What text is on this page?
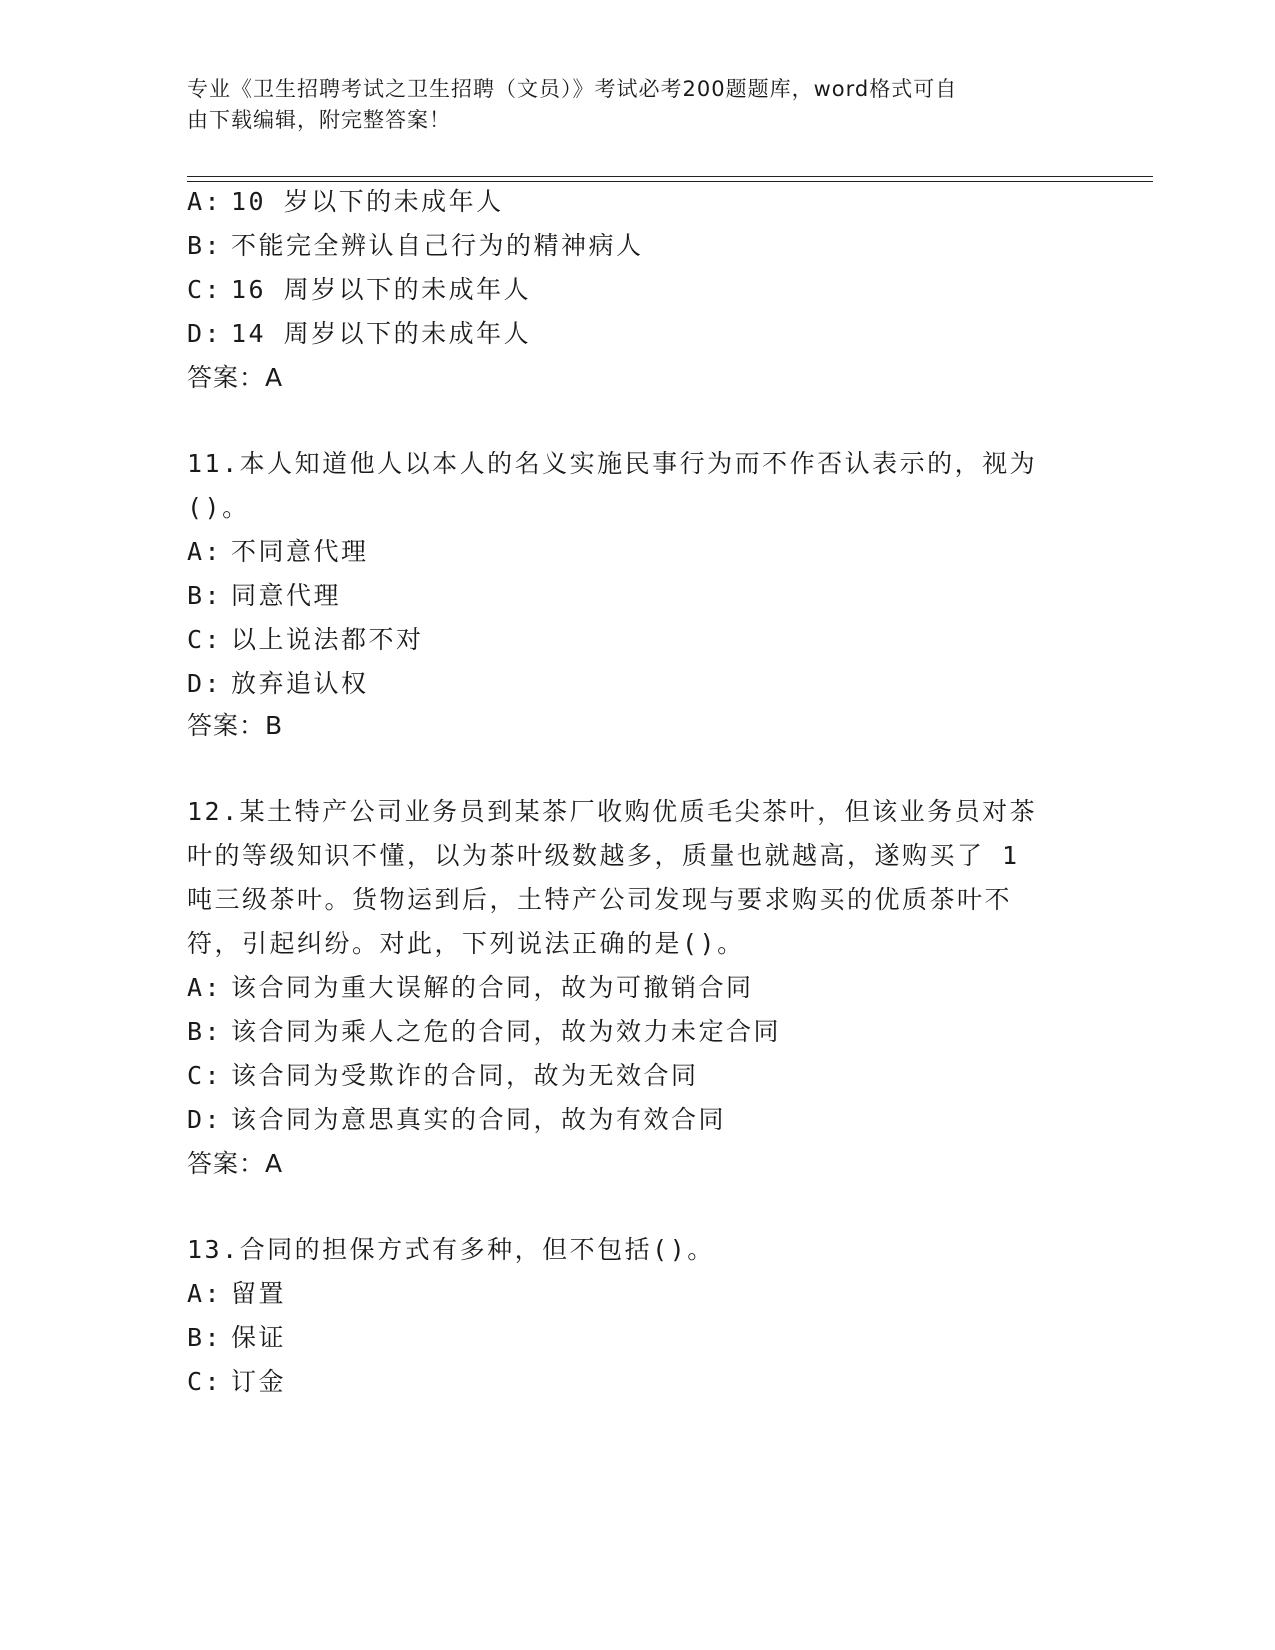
专业《卫生招聘考试之卫生招聘（文员）》考试必考200题题库，word格式可自
由下载编辑，附完整答案！
A: 10 岁以下的未成年人
B: 不能完全辨认自己行为的精神病人
C: 16 周岁以下的未成年人
D: 14 周岁以下的未成年人
答案：A
11.本人知道他人以本人的名义实施民事行为而不作否认表示的，视为
()。
A: 不同意代理
B: 同意代理
C: 以上说法都不对
D: 放弃追认权
答案：B
12.某土特产公司业务员到某茶厂收购优质毛尖茶叶，但该业务员对茶
叶的等级知识不懂，以为茶叶级数越多，质量也就越高，遂购买了 1
吨三级茶叶。货物运到后，土特产公司发现与要求购买的优质茶叶不
符，引起纠纷。对此，下列说法正确的是()。
A: 该合同为重大误解的合同，故为可撤销合同
B: 该合同为乘人之危的合同，故为效力未定合同
C: 该合同为受欺诈的合同，故为无效合同
D: 该合同为意思真实的合同，故为有效合同
答案：A
13.合同的担保方式有多种，但不包括()。
A: 留置
B: 保证
C: 订金
